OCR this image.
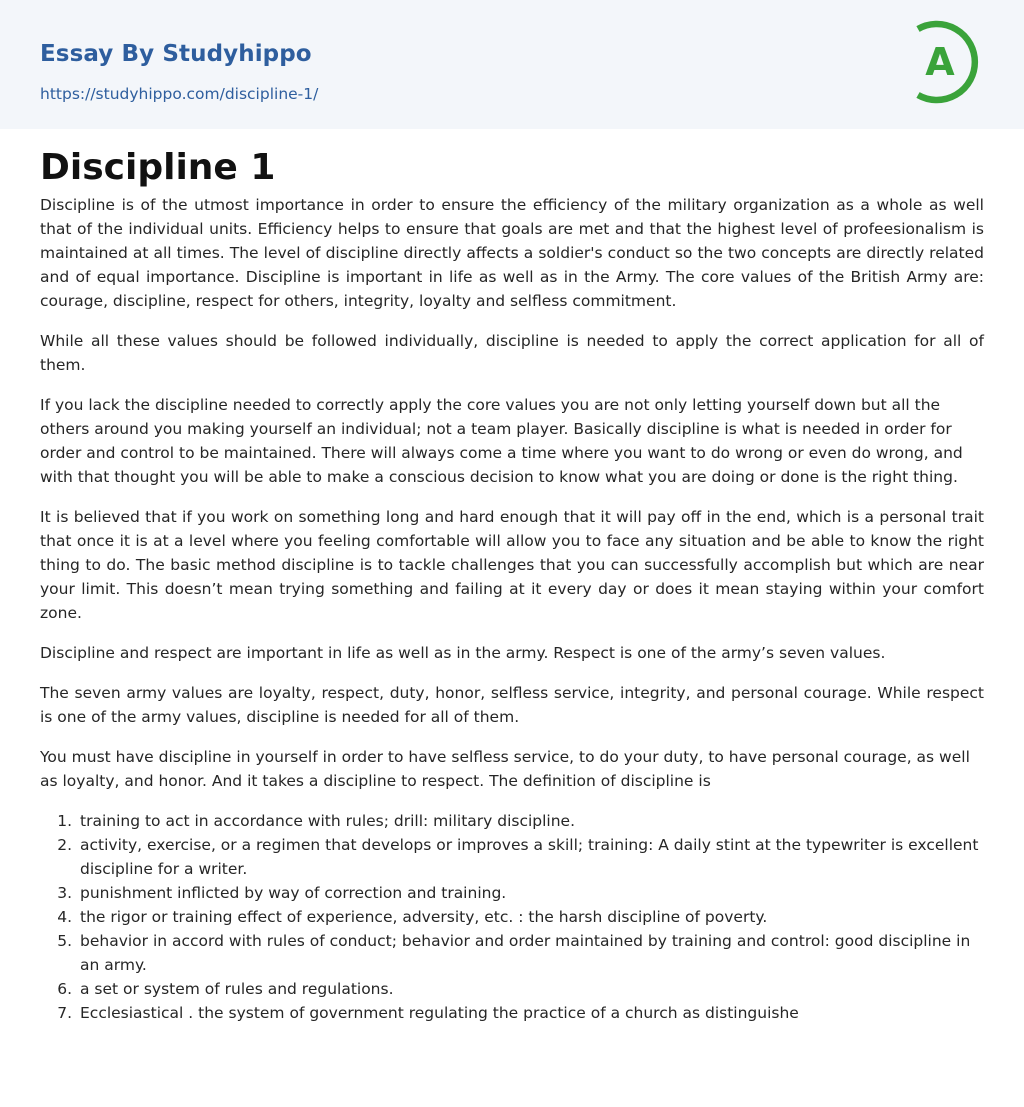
Essay By Studyhippo
https://studyhippo.com/discipline-1/
A
Discipline 1

Discipline is of the utmost importance in order to ensure the efficiency of the military organization as a whole as well that of the individual units. Efficiency helps to ensure that goals are met and that the highest level of profeesionalism is maintained at all times. The level of discipline directly affects a soldier's conduct so the two concepts are directly related and of equal importance. Discipline is important in life as well as in the Army. The core values of the British Army are: courage, discipline, respect for others, integrity, loyalty and selfless commitment.

While all these values should be followed individually, discipline is needed to apply the correct application for all of them.

If you lack the discipline needed to correctly apply the core values you are not only letting yourself down but all the others around you making yourself an individual; not a team player. Basically discipline is what is needed in order for order and control to be maintained. There will always come a time where you want to do wrong or even do wrong, and with that thought you will be able to make a conscious decision to know what you are doing or done is the right thing.

It is believed that if you work on something long and hard enough that it will pay off in the end, which is a personal trait that once it is at a level where you feeling comfortable will allow you to face any situation and be able to know the right thing to do. The basic method discipline is to tackle challenges that you can successfully accomplish but which are near your limit. This doesn’t mean trying something and failing at it every day or does it mean staying within your comfort zone.

Discipline and respect are important in life as well as in the army. Respect is one of the army’s seven values.

The seven army values are loyalty, respect, duty, honor, selfless service, integrity, and personal courage. While respect is one of the army values, discipline is needed for all of them.

You must have discipline in yourself in order to have selfless service, to do your duty, to have personal courage, as well as loyalty, and honor. And it takes a discipline to respect. The definition of discipline is

1. training to act in accordance with rules; drill: military discipline.
2. activity, exercise, or a regimen that develops or improves a skill; training: A daily stint at the typewriter is excellent discipline for a writer.
3. punishment inflicted by way of correction and training.
4. the rigor or training effect of experience, adversity, etc. : the harsh discipline of poverty.
5. behavior in accord with rules of conduct; behavior and order maintained by training and control: good discipline in an army.
6. a set or system of rules and regulations.
7. Ecclesiastical . the system of government regulating the practice of a church as distinguishe
